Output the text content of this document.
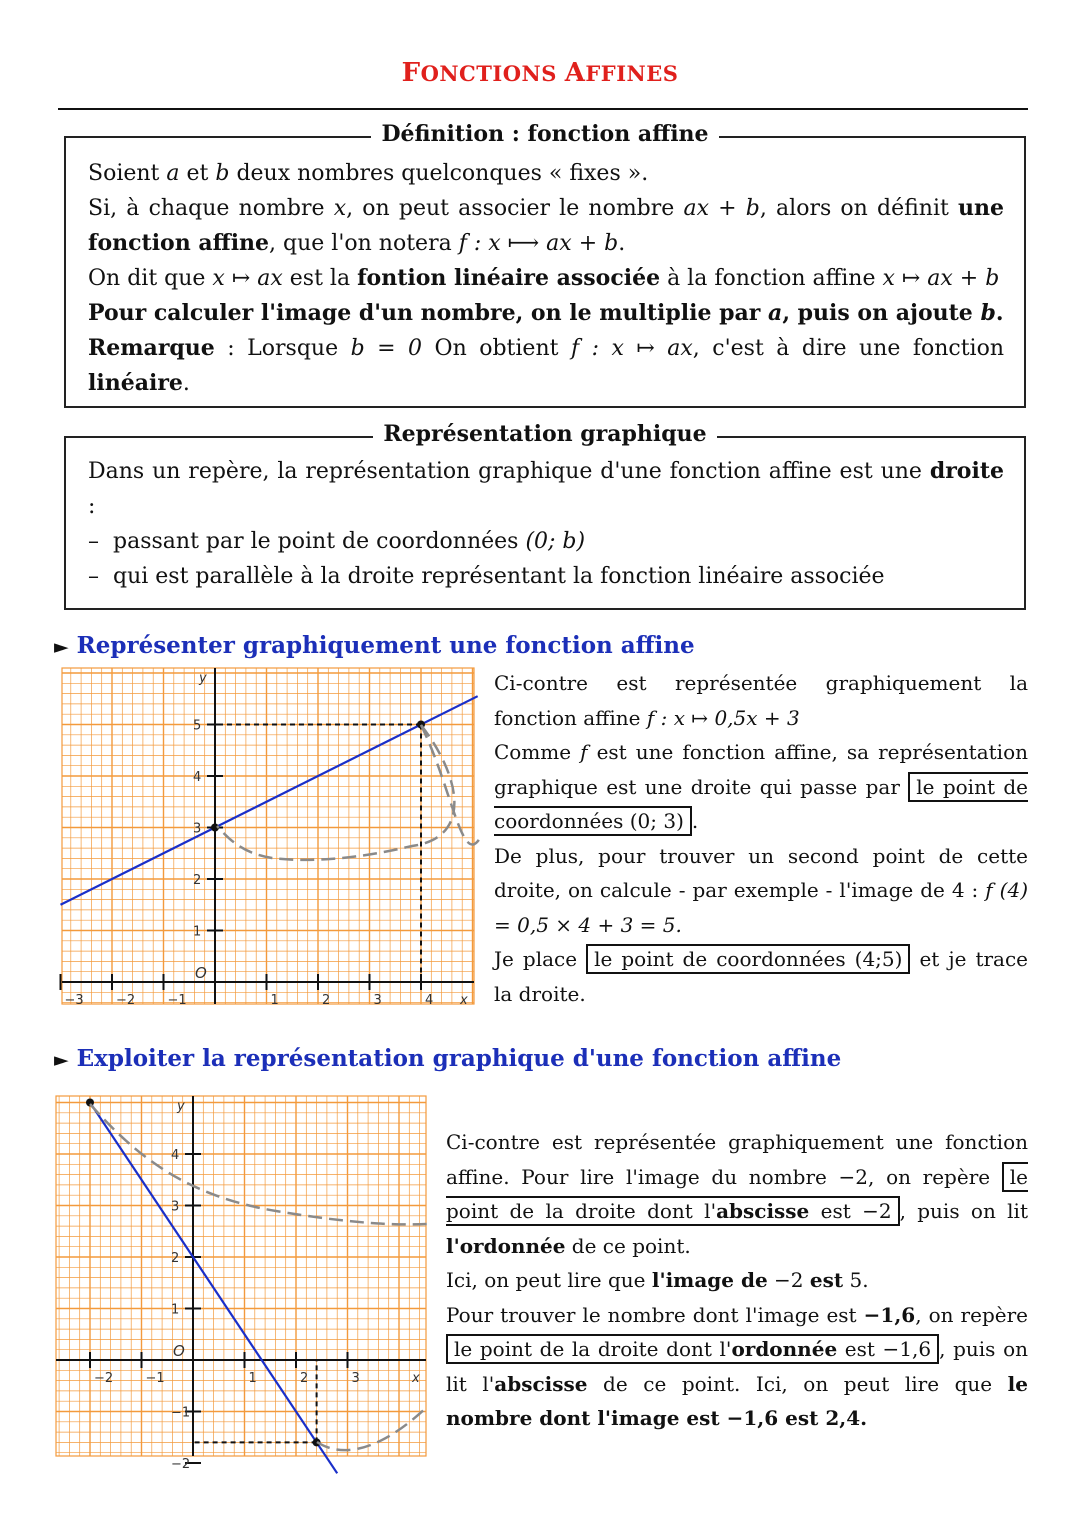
FONCTIONS AFFINES
Définition : fonction affine

Soient a et b deux nombres quelconques « fixes ».

Si, à chaque nombre x, on peut associer le nombre ax + b, alors on définit une fonction affine, que l'on notera f : x ⟼ ax + b.

On dit que x ↦ ax est la fontion linéaire associée à la fonction affine x ↦ ax + b

Pour calculer l'image d'un nombre, on le multiplie par a, puis on ajoute b.

Remarque : Lorsque b = 0 On obtient f : x ↦ ax, c'est à dire une fonction linéaire.

Représentation graphique

Dans un repère, la représentation graphique d'une fonction affine est une droite :

– passant par le point de coordonnées (0; b)

– qui est parallèle à la droite représentant la fonction linéaire associée

► Représenter graphiquement une fonction affine
−3 −2 −1
O
1	2	3	4 x
1
2
3
4
5
y	Ci-contre est représentée graphiquement la fonction affine f : x ↦ 0,5x + 3

Comme f est une fonction affine, sa représentation graphique est une droite qui passe par le point de coordonnées (0; 3) .

De plus, pour trouver un second point de cette droite, on calcule - par exemple - l'image de 4 : f (4) = 0,5 × 4 + 3 = 5.

Je place le point de coordonnées (4;5) et je trace la droite.

► Exploiter la représentation graphique d'une fonction affine
−2 −1
O
1	2	3	x
−2
−1
1
2
3
4
y

Ci-contre est représentée graphiquement une fonction affine. Pour lire l'image du nombre −2, on repère le point de la droite dont l'abscisse est −2 , puis on lit l'ordonnée de ce point.

Ici, on peut lire que l'image de −2 est 5.

Pour trouver le nombre dont l'image est −1,6, on repère le point de la droite dont l'ordonnée est −1,6 , puis on lit l'abscisse de ce point. Ici, on peut lire que le nombre dont l'image est −1,6 est 2,4.
